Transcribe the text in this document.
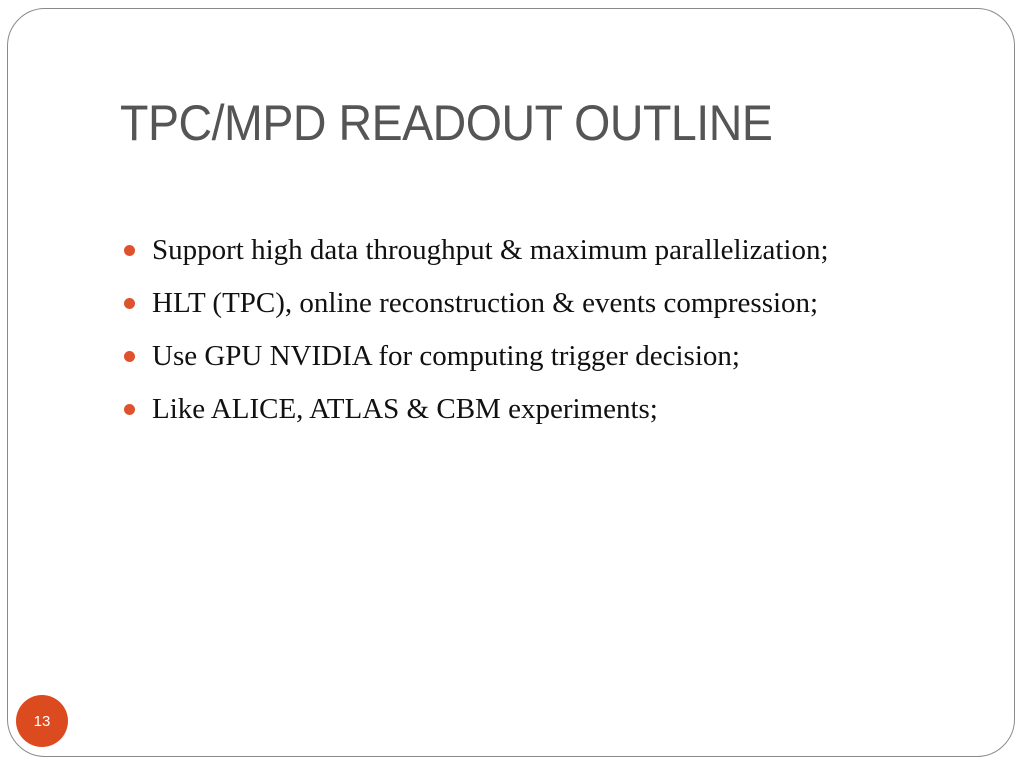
TPC/MPD READOUT OUTLINE
Support high data throughput & maximum parallelization;
HLT (TPC), online reconstruction & events compression;
Use GPU NVIDIA for computing trigger decision;
Like ALICE, ATLAS & CBM experiments;
13
